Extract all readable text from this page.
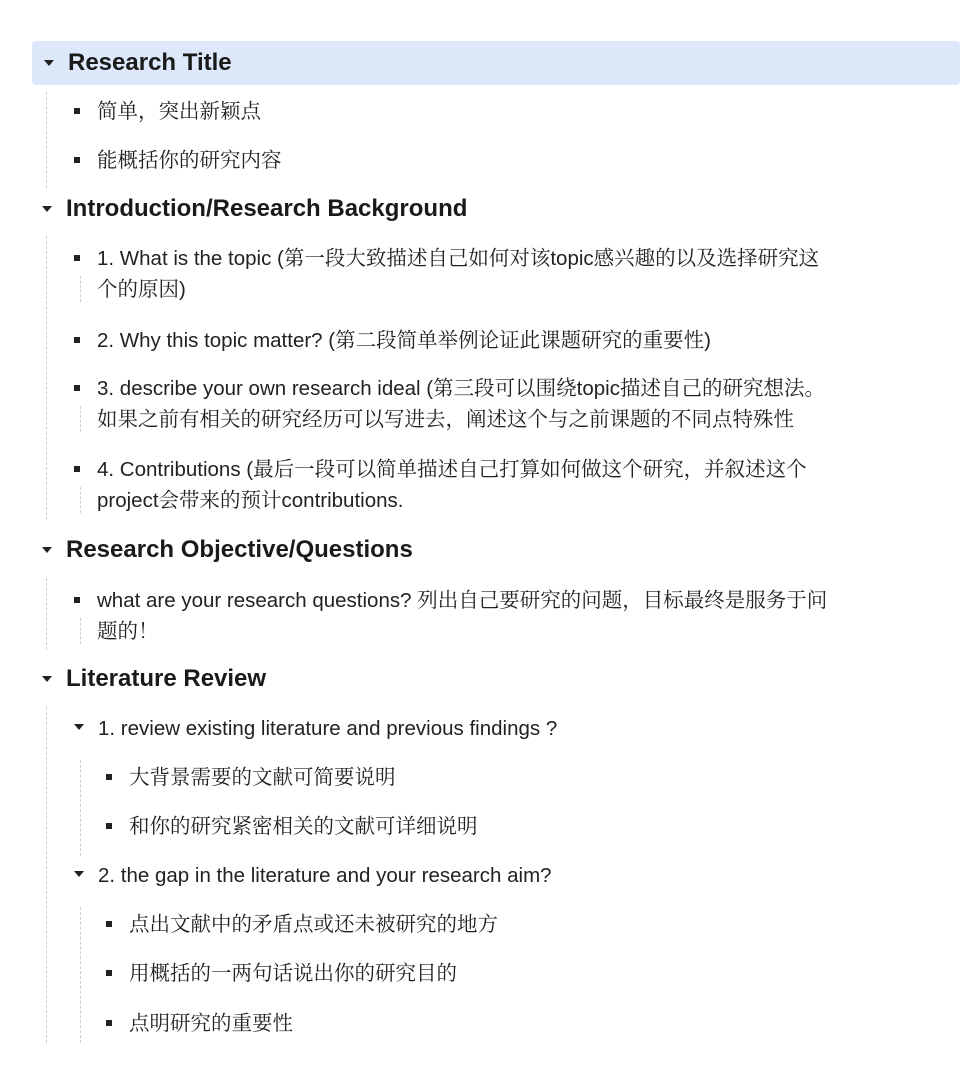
Research Title
简单，突出新颖点
能概括你的研究内容
Introduction/Research Background
1. What is the topic (第一段大致描述自己如何对该topic感兴趣的以及选择研究这
个的原因)
2. Why this topic matter? (第二段简单举例论证此课题研究的重要性)
3. describe your own research ideal (第三段可以围绕topic描述自己的研究想法。
如果之前有相关的研究经历可以写进去，阐述这个与之前课题的不同点特殊性
4. Contributions (最后一段可以简单描述自己打算如何做这个研究，并叙述这个
project会带来的预计contributions.
Research Objective/Questions
what are your research questions? 列出自己要研究的问题，目标最终是服务于问
题的！
Literature Review
1. review existing literature and previous findings ?
大背景需要的文献可简要说明
和你的研究紧密相关的文献可详细说明
2. the gap in the literature and your research aim?
点出文献中的矛盾点或还未被研究的地方
用概括的一两句话说出你的研究目的
点明研究的重要性
